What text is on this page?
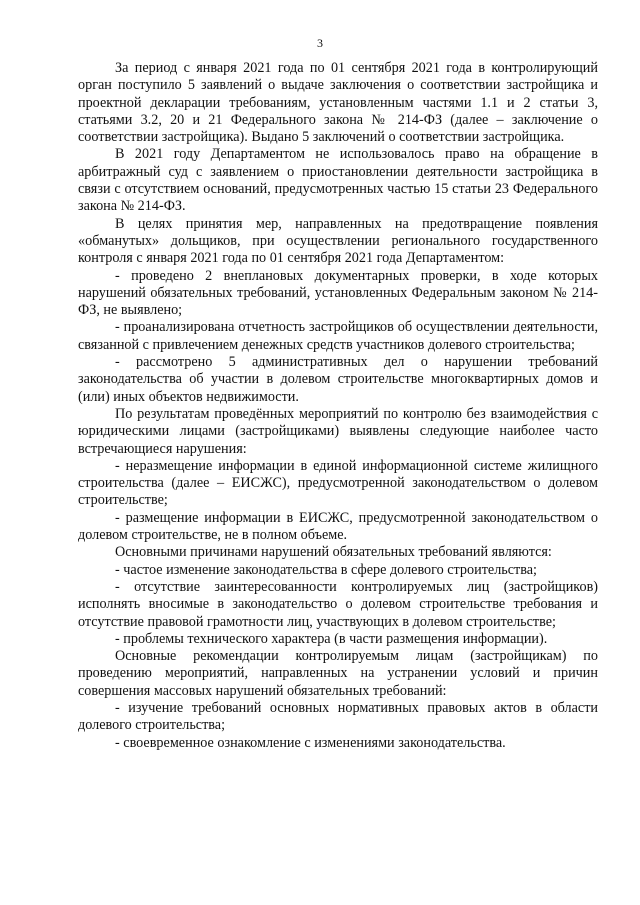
3

За период с января 2021 года по 01 сентября 2021 года в контролирующий орган поступило 5 заявлений о выдаче заключения о соответствии застройщика и проектной декларации требованиям, установленным частями 1.1 и 2 статьи 3, статьями 3.2, 20 и 21 Федерального закона № 214-ФЗ (далее – заключение о соответствии застройщика). Выдано 5 заключений о соответствии застройщика.

В 2021 году Департаментом не использовалось право на обращение в арбитражный суд с заявлением о приостановлении деятельности застройщика в связи с отсутствием оснований, предусмотренных частью 15 статьи 23 Федерального закона № 214-ФЗ.

В целях принятия мер, направленных на предотвращение появления «обманутых» дольщиков, при осуществлении регионального государственного контроля с января 2021 года по 01 сентября 2021 года Департаментом:

- проведено 2 внеплановых документарных проверки, в ходе которых нарушений обязательных требований, установленных Федеральным законом № 214-ФЗ, не выявлено;

- проанализирована отчетность застройщиков об осуществлении деятельности, связанной с привлечением денежных средств участников долевого строительства;

- рассмотрено 5 административных дел о нарушении требований законодательства об участии в долевом строительстве многоквартирных домов и (или) иных объектов недвижимости.

По результатам проведённых мероприятий по контролю без взаимодействия с юридическими лицами (застройщиками) выявлены следующие наиболее часто встречающиеся нарушения:

- неразмещение информации в единой информационной системе жилищного строительства (далее – ЕИСЖС), предусмотренной законодательством о долевом строительстве;

- размещение информации в ЕИСЖС, предусмотренной законодательством о долевом строительстве, не в полном объеме.

Основными причинами нарушений обязательных требований являются:

- частое изменение законодательства в сфере долевого строительства;

- отсутствие заинтересованности контролируемых лиц (застройщиков) исполнять вносимые в законодательство о долевом строительстве требования и отсутствие правовой грамотности лиц, участвующих в долевом строительстве;

- проблемы технического характера (в части размещения информации).

Основные рекомендации контролируемым лицам (застройщикам) по проведению мероприятий, направленных на устранении условий и причин совершения массовых нарушений обязательных требований:

- изучение требований основных нормативных правовых актов в области долевого строительства;

- своевременное ознакомление с изменениями законодательства.
